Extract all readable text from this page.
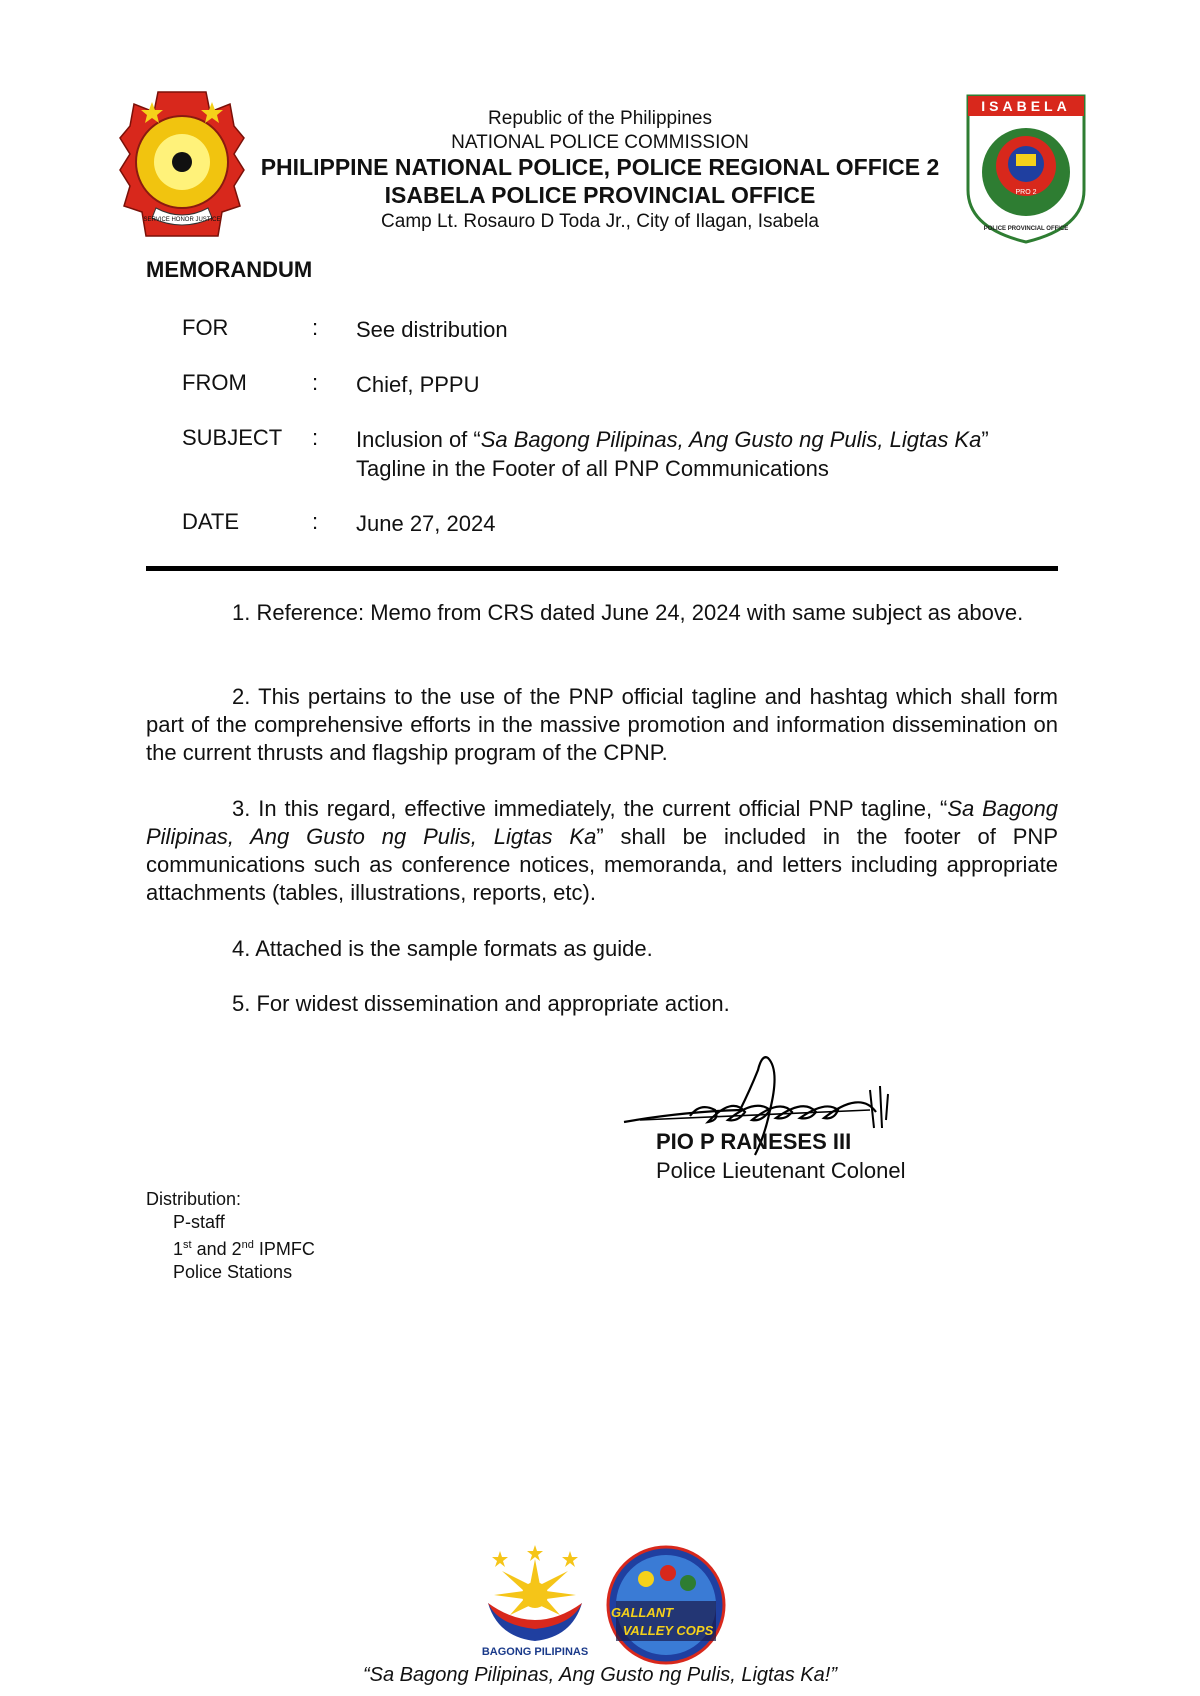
SERVICE HONOR JUSTICE
Republic of the Philippines
NATIONAL POLICE COMMISSION
PHILIPPINE NATIONAL POLICE, POLICE REGIONAL OFFICE 2
ISABELA POLICE PROVINCIAL OFFICE
Camp Lt. Rosauro D Toda Jr., City of Ilagan, Isabela
ISABELA
PRO 2
POLICE PROVINCIAL OFFICE
MEMORANDUM
FOR	: See distribution
FROM	: Chief, PPPU
SUBJECT : Inclusion of “Sa Bagong Pilipinas, Ang Gusto ng Pulis, Ligtas Ka”
Tagline in the Footer of all PNP Communications
DATE	: June 27, 2024
1. Reference: Memo from CRS dated June 24, 2024 with same subject as above.
2. This pertains to the use of the PNP official tagline and hashtag which shall form part of the comprehensive efforts in the massive promotion and information dissemination on the current thrusts and flagship program of the CPNP.
3. In this regard, effective immediately, the current official PNP tagline, “Sa Bagong Pilipinas, Ang Gusto ng Pulis, Ligtas Ka” shall be included in the footer of PNP communications such as conference notices, memoranda, and letters including appropriate attachments (tables, illustrations, reports, etc).
4. Attached is the sample formats as guide.
5. For widest dissemination and appropriate action.
PIO P RANESES III
Police Lieutenant Colonel
Distribution:
P-staff
1st and 2nd IPMFC
Police Stations
BAGONG PILIPINAS
GALLANT
VALLEY COPS
“Sa Bagong Pilipinas, Ang Gusto ng Pulis, Ligtas Ka!”
